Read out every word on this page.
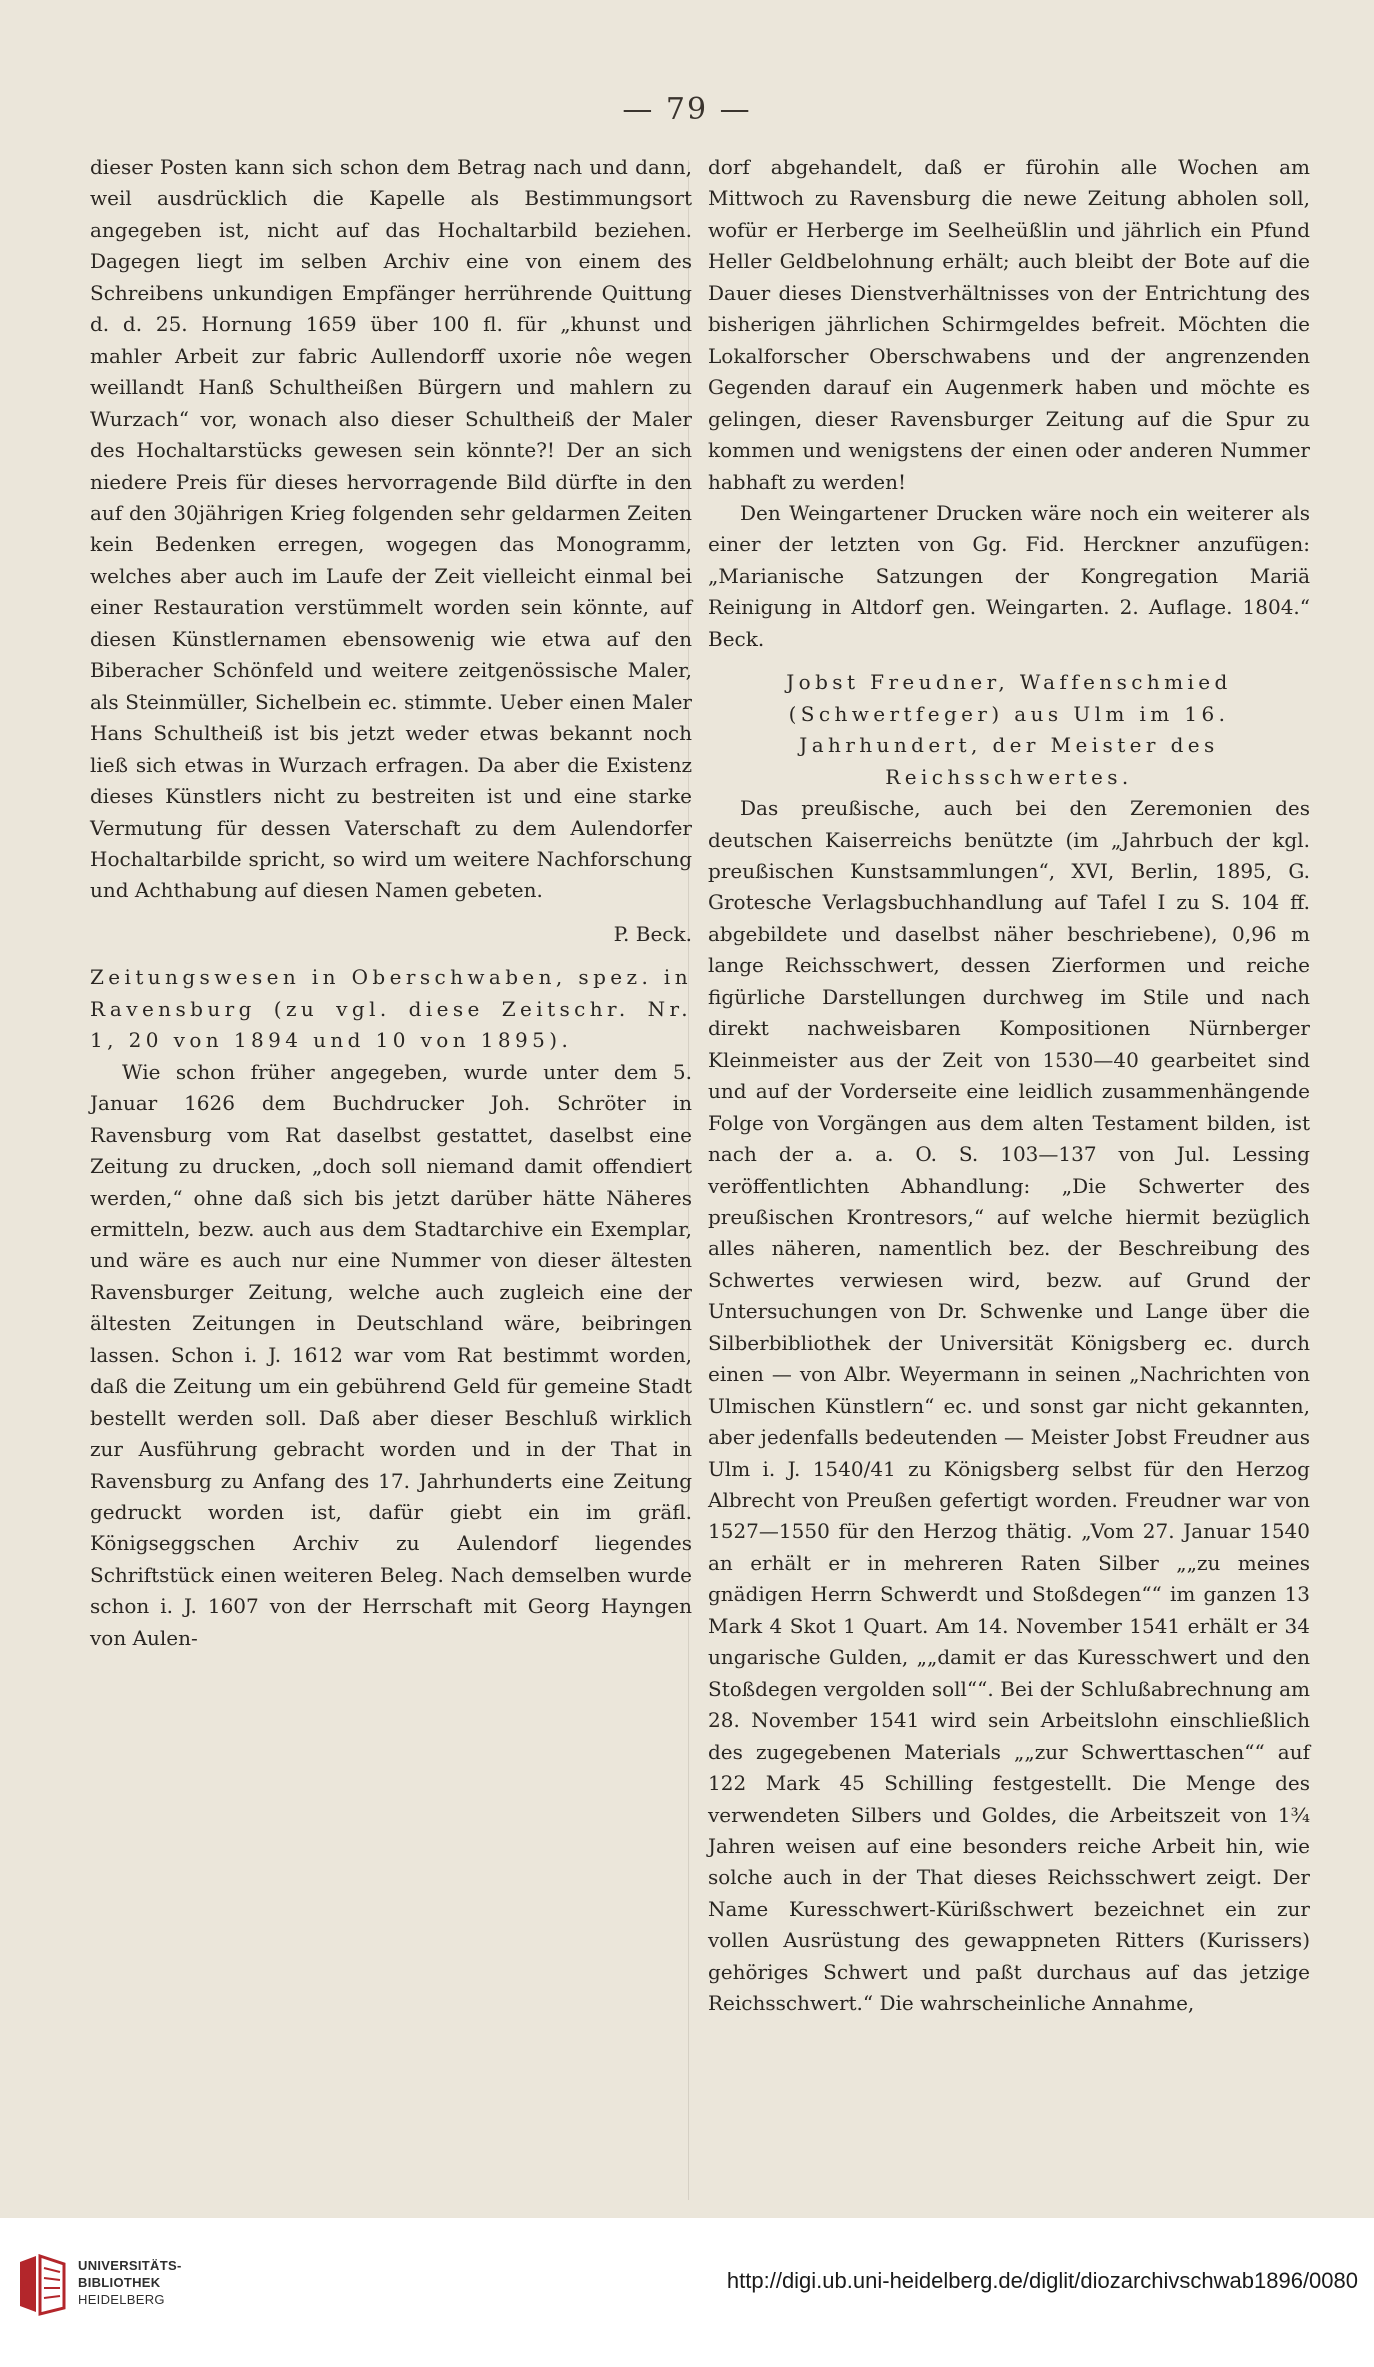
— 79 —

dieser Posten kann sich schon dem Betrag nach und dann, weil ausdrücklich die Kapelle als Bestimmungsort angegeben ist, nicht auf das Hochaltarbild beziehen. Dagegen liegt im selben Archiv eine von einem des Schreibens unkundigen Empfänger herrührende Quittung d. d. 25. Hornung 1659 über 100 fl. für „khunst und mahler Arbeit zur fabric Aullendorff uxorie nôe wegen weillandt Hanß Schultheißen Bürgern und mahlern zu Wurzach“ vor, wonach also dieser Schultheiß der Maler des Hochaltarstücks gewesen sein könnte?! Der an sich niedere Preis für dieses hervorragende Bild dürfte in den auf den 30jährigen Krieg folgenden sehr geldarmen Zeiten kein Bedenken erregen, wogegen das Monogramm, welches aber auch im Laufe der Zeit vielleicht einmal bei einer Restauration verstümmelt worden sein könnte, auf diesen Künstlernamen ebensowenig wie etwa auf den Biberacher Schönfeld und weitere zeitgenössische Maler, als Steinmüller, Sichelbein ec. stimmte. Ueber einen Maler Hans Schultheiß ist bis jetzt weder etwas bekannt noch ließ sich etwas in Wurzach erfragen. Da aber die Existenz dieses Künstlers nicht zu bestreiten ist und eine starke Vermutung für dessen Vaterschaft zu dem Aulendorfer Hochaltarbilde spricht, so wird um weitere Nachforschung und Achthabung auf diesen Namen gebeten.

P. Beck.

Zeitungswesen in Oberschwaben, spez. in Ravensburg (zu vgl. diese Zeitschr. Nr. 1, 20 von 1894 und 10 von 1895).

Wie schon früher angegeben, wurde unter dem 5. Januar 1626 dem Buchdrucker Joh. Schröter in Ravensburg vom Rat daselbst gestattet, daselbst eine Zeitung zu drucken, „doch soll niemand damit offendiert werden,“ ohne daß sich bis jetzt darüber hätte Näheres ermitteln, bezw. auch aus dem Stadtarchive ein Exemplar, und wäre es auch nur eine Nummer von dieser ältesten Ravensburger Zeitung, welche auch zugleich eine der ältesten Zeitungen in Deutschland wäre, beibringen lassen. Schon i. J. 1612 war vom Rat bestimmt worden, daß die Zeitung um ein gebührend Geld für gemeine Stadt bestellt werden soll. Daß aber dieser Beschluß wirklich zur Ausführung gebracht worden und in der That in Ravensburg zu Anfang des 17. Jahrhunderts eine Zeitung gedruckt worden ist, dafür giebt ein im gräfl. Königseggschen Archiv zu Aulendorf liegendes Schriftstück einen weiteren Beleg. Nach demselben wurde schon i. J. 1607 von der Herrschaft mit Georg Hayngen von Aulen-

dorf abgehandelt, daß er fürohin alle Wochen am Mittwoch zu Ravensburg die newe Zeitung abholen soll, wofür er Herberge im Seelheüßlin und jährlich ein Pfund Heller Geldbelohnung erhält; auch bleibt der Bote auf die Dauer dieses Dienstverhältnisses von der Entrichtung des bisherigen jährlichen Schirmgeldes befreit. Möchten die Lokalforscher Oberschwabens und der angrenzenden Gegenden darauf ein Augenmerk haben und möchte es gelingen, dieser Ravensburger Zeitung auf die Spur zu kommen und wenigstens der einen oder anderen Nummer habhaft zu werden!

Den Weingartener Drucken wäre noch ein weiterer als einer der letzten von Gg. Fid. Herckner anzufügen: „Marianische Satzungen der Kongregation Mariä Reinigung in Altdorf gen. Weingarten. 2. Auflage. 1804.“ Beck.

Jobst Freudner, Waffenschmied (Schwertfeger) aus Ulm im 16. Jahrhundert, der Meister des Reichsschwertes.

Das preußische, auch bei den Zeremonien des deutschen Kaiserreichs benützte (im „Jahrbuch der kgl. preußischen Kunstsammlungen“, XVI, Berlin, 1895, G. Grotesche Verlagsbuchhandlung auf Tafel I zu S. 104 ff. abgebildete und daselbst näher beschriebene), 0,96 m lange Reichsschwert, dessen Zierformen und reiche figürliche Darstellungen durchweg im Stile und nach direkt nachweisbaren Kompositionen Nürnberger Kleinmeister aus der Zeit von 1530—40 gearbeitet sind und auf der Vorderseite eine leidlich zusammenhängende Folge von Vorgängen aus dem alten Testament bilden, ist nach der a. a. O. S. 103—137 von Jul. Lessing veröffentlichten Abhandlung: „Die Schwerter des preußischen Krontresors,“ auf welche hiermit bezüglich alles näheren, namentlich bez. der Beschreibung des Schwertes verwiesen wird, bezw. auf Grund der Untersuchungen von Dr. Schwenke und Lange über die Silberbibliothek der Universität Königsberg ec. durch einen — von Albr. Weyermann in seinen „Nachrichten von Ulmischen Künstlern“ ec. und sonst gar nicht gekannten, aber jedenfalls bedeutenden — Meister Jobst Freudner aus Ulm i. J. 1540/41 zu Königsberg selbst für den Herzog Albrecht von Preußen gefertigt worden. Freudner war von 1527—1550 für den Herzog thätig. „Vom 27. Januar 1540 an erhält er in mehreren Raten Silber „„zu meines gnädigen Herrn Schwerdt und Stoßdegen““ im ganzen 13 Mark 4 Skot 1 Quart. Am 14. November 1541 erhält er 34 ungarische Gulden, „„damit er das Kuresschwert und den Stoßdegen vergolden soll““. Bei der Schlußabrechnung am 28. November 1541 wird sein Arbeitslohn einschließlich des zugegebenen Materials „„zur Schwerttaschen““ auf 122 Mark 45 Schilling festgestellt. Die Menge des verwendeten Silbers und Goldes, die Arbeitszeit von 1¾ Jahren weisen auf eine besonders reiche Arbeit hin, wie solche auch in der That dieses Reichsschwert zeigt. Der Name Kuresschwert-Kürißschwert bezeichnet ein zur vollen Ausrüstung des gewappneten Ritters (Kurissers) gehöriges Schwert und paßt durchaus auf das jetzige Reichsschwert.“ Die wahrscheinliche Annahme,

UNIVERSITÄTS-
BIBLIOTHEK
HEIDELBERG
http://digi.ub.uni-heidelberg.de/diglit/diozarchivschwab1896/0080
